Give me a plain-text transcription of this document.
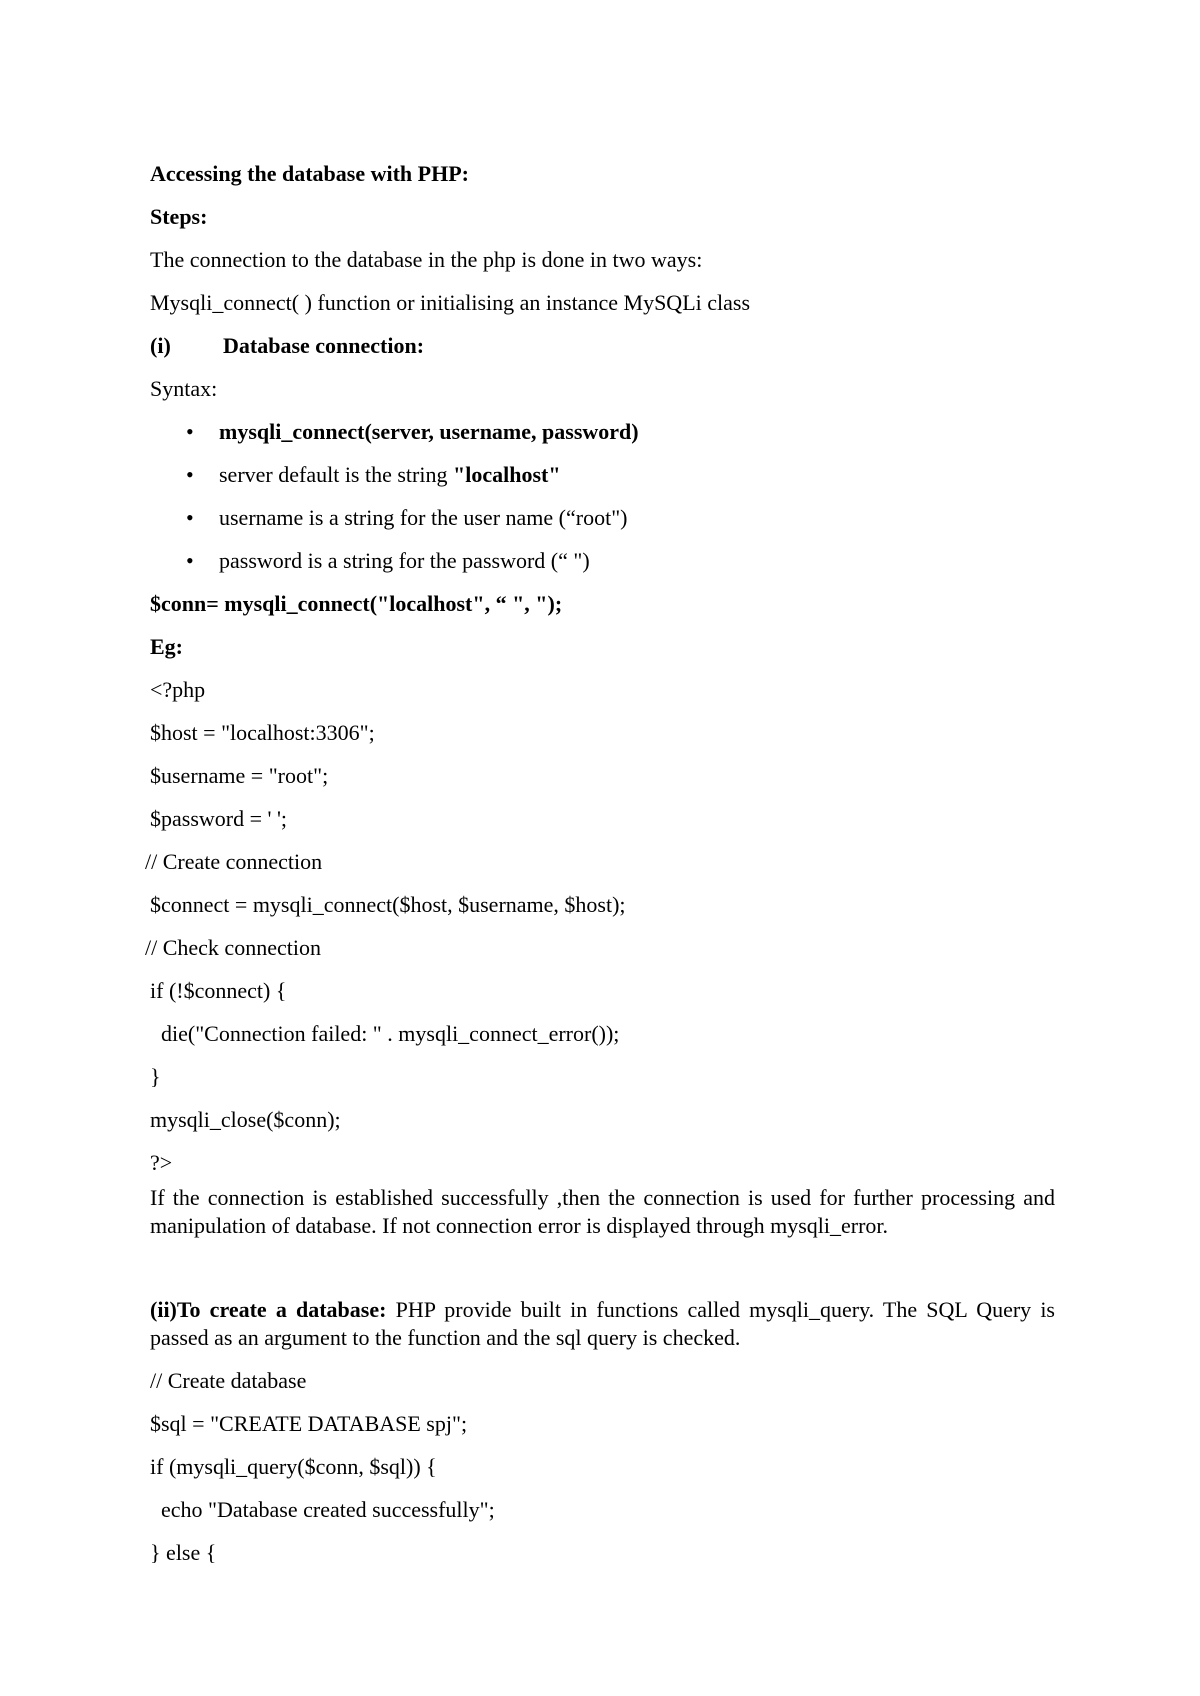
Accessing the database with PHP:
Steps:
The connection to the database in the php is done in two ways:
Mysqli_connect( ) function or initialising an instance MySQLi class
(i) Database connection:
Syntax:
• mysqli_connect(server, username, password)
• server default is the string "localhost"
• username is a string for the user name (“root")
• password is a string for the password (“ ")
$conn= mysqli_connect("localhost", “ ", ");
Eg:
<?php
$host = "localhost:3306";
$username = "root";
$password = ' ';
// Create connection
$connect = mysqli_connect($host, $username, $host);
// Check connection
if (!$connect) {
die("Connection failed: " . mysqli_connect_error());
}
mysqli_close($conn);
?>
If the connection is established successfully ,then the connection is used for further processing and manipulation of database. If not connection error is displayed through mysqli_error.
(ii)To create a database: PHP provide built in functions called mysqli_query. The SQL Query is passed as an argument to the function and the sql query is checked.
// Create database
$sql = "CREATE DATABASE spj";
if (mysqli_query($conn, $sql)) {
echo "Database created successfully";
} else {
